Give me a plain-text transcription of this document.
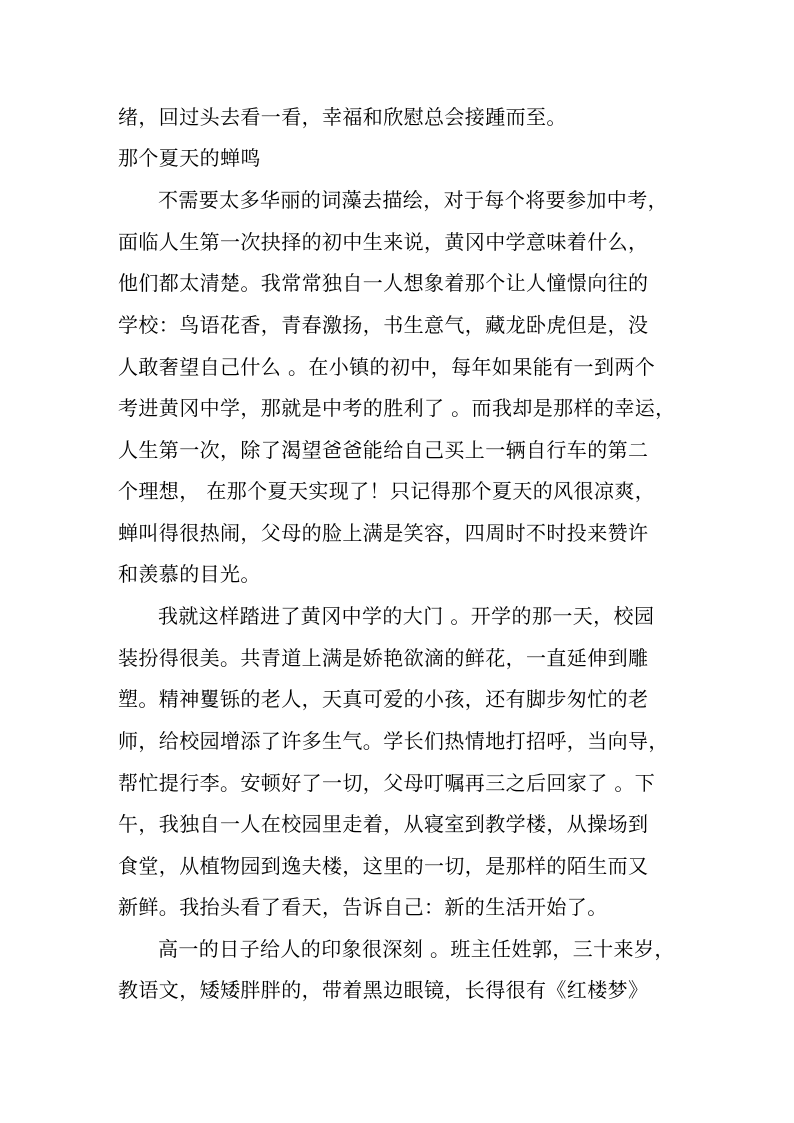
绪，回过头去看一看，幸福和欣慰总会接踵而至。
那个夏天的蝉鸣
不需要太多华丽的词藻去描绘，对于每个将要参加中考，
面临人生第一次抉择的初中生来说，黄冈中学意味着什么，
他们都太清楚。我常常独自一人想象着那个让人憧憬向往的
学校：鸟语花香，青春激扬，书生意气，藏龙卧虎但是，没
人敢奢望自己什么 。在小镇的初中，每年如果能有一到两个
考进黄冈中学，那就是中考的胜利了 。而我却是那样的幸运，
人生第一次，除了渴望爸爸能给自己买上一辆自行车的第二
个理想， 在那个夏天实现了！只记得那个夏天的风很凉爽，
蝉叫得很热闹，父母的脸上满是笑容，四周时不时投来赞许
和羡慕的目光。
我就这样踏进了黄冈中学的大门 。开学的那一天，校园
装扮得很美。共青道上满是娇艳欲滴的鲜花，一直延伸到雕
塑。精神矍铄的老人，天真可爱的小孩，还有脚步匆忙的老
师，给校园增添了许多生气。学长们热情地打招呼，当向导，
帮忙提行李。安顿好了一切，父母叮嘱再三之后回家了 。下
午，我独自一人在校园里走着，从寝室到教学楼，从操场到
食堂，从植物园到逸夫楼，这里的一切，是那样的陌生而又
新鲜。我抬头看了看天，告诉自己：新的生活开始了。
高一的日子给人的印象很深刻 。班主任姓郭，三十来岁，
教语文，矮矮胖胖的，带着黑边眼镜，长得很有《红楼梦》
